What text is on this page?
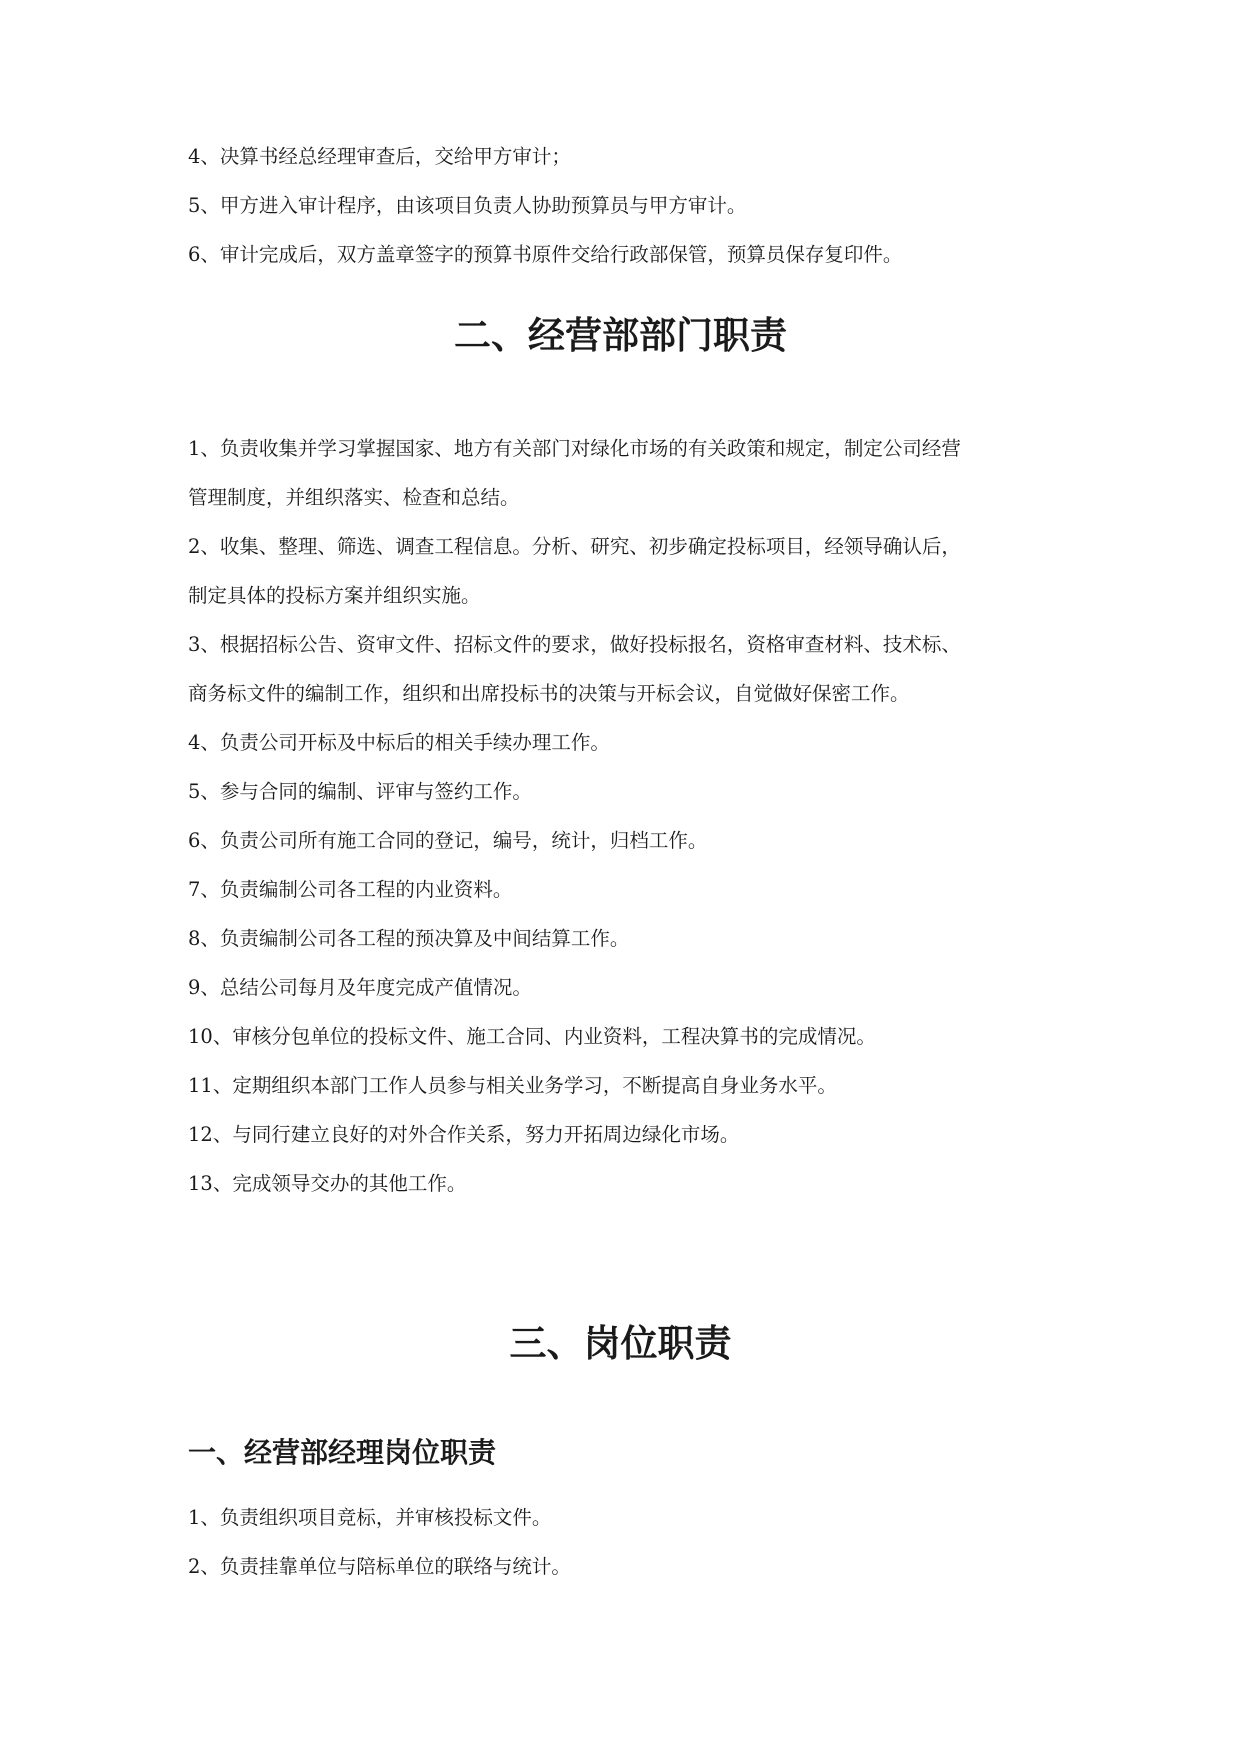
4、决算书经总经理审查后，交给甲方审计；

5、甲方进入审计程序，由该项目负责人协助预算员与甲方审计。

6、审计完成后，双方盖章签字的预算书原件交给行政部保管，预算员保存复印件。

二、经营部部门职责

1、负责收集并学习掌握国家、地方有关部门对绿化市场的有关政策和规定，制定公司经营

管理制度，并组织落实、检查和总结。

2、收集、整理、筛选、调查工程信息。分析、研究、初步确定投标项目，经领导确认后，

制定具体的投标方案并组织实施。

3、根据招标公告、资审文件、招标文件的要求，做好投标报名，资格审查材料、技术标、

商务标文件的编制工作，组织和出席投标书的决策与开标会议，自觉做好保密工作。

4、负责公司开标及中标后的相关手续办理工作。

5、参与合同的编制、评审与签约工作。

6、负责公司所有施工合同的登记，编号，统计，归档工作。

7、负责编制公司各工程的内业资料。

8、负责编制公司各工程的预决算及中间结算工作。

9、总结公司每月及年度完成产值情况。

10、审核分包单位的投标文件、施工合同、内业资料，工程决算书的完成情况。

11、定期组织本部门工作人员参与相关业务学习，不断提高自身业务水平。

12、与同行建立良好的对外合作关系，努力开拓周边绿化市场。

13、完成领导交办的其他工作。

三、岗位职责
一、经营部经理岗位职责

1、负责组织项目竞标，并审核投标文件。

2、负责挂靠单位与陪标单位的联络与统计。
